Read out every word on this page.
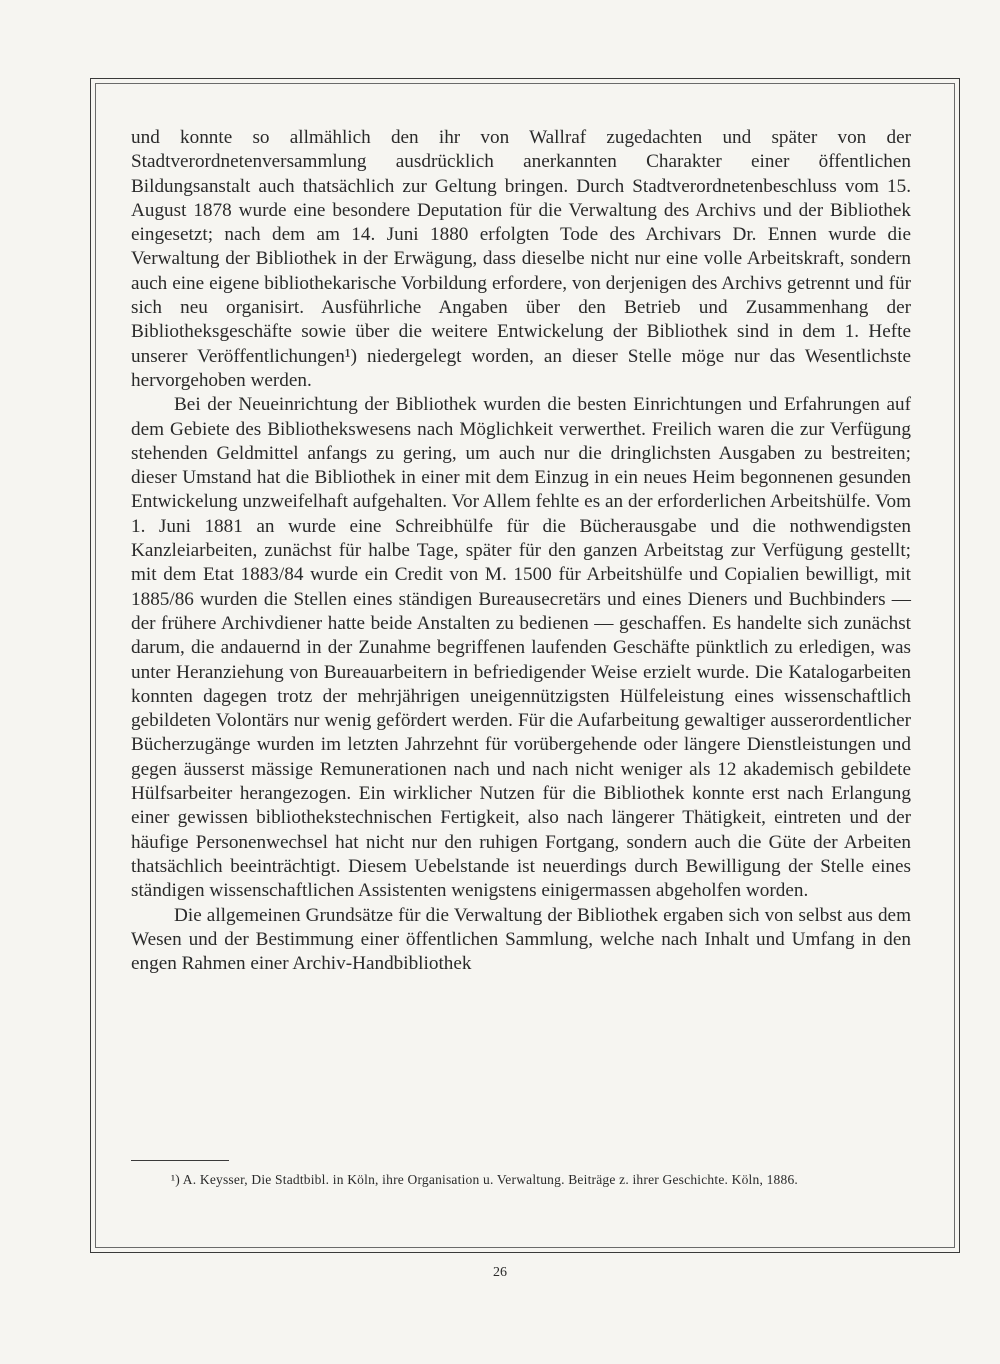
und konnte so allmählich den ihr von Wallraf zugedachten und später von der Stadtverordnetenversammlung ausdrücklich anerkannten Charakter einer öffentlichen Bildungsanstalt auch thatsächlich zur Geltung bringen. Durch Stadtverordnetenbeschluss vom 15. August 1878 wurde eine besondere Deputation für die Verwaltung des Archivs und der Bibliothek eingesetzt; nach dem am 14. Juni 1880 erfolgten Tode des Archivars Dr. Ennen wurde die Verwaltung der Bibliothek in der Erwägung, dass dieselbe nicht nur eine volle Arbeitskraft, sondern auch eine eigene bibliothekarische Vorbildung erfordere, von derjenigen des Archivs getrennt und für sich neu organisirt. Ausführliche Angaben über den Betrieb und Zusammenhang der Bibliotheksgeschäfte sowie über die weitere Entwickelung der Bibliothek sind in dem 1. Hefte unserer Veröffentlichungen¹) niedergelegt worden, an dieser Stelle möge nur das Wesentlichste hervorgehoben werden.

Bei der Neueinrichtung der Bibliothek wurden die besten Einrichtungen und Erfahrungen auf dem Gebiete des Bibliothekswesens nach Möglichkeit verwerthet. Freilich waren die zur Verfügung stehenden Geldmittel anfangs zu gering, um auch nur die dringlichsten Ausgaben zu bestreiten; dieser Umstand hat die Bibliothek in einer mit dem Einzug in ein neues Heim begonnenen gesunden Entwickelung unzweifelhaft aufgehalten. Vor Allem fehlte es an der erforderlichen Arbeitshülfe. Vom 1. Juni 1881 an wurde eine Schreibhülfe für die Bücherausgabe und die nothwendigsten Kanzleiarbeiten, zunächst für halbe Tage, später für den ganzen Arbeitstag zur Verfügung gestellt; mit dem Etat 1883/84 wurde ein Credit von M. 1500 für Arbeitshülfe und Copialien bewilligt, mit 1885/86 wurden die Stellen eines ständigen Bureausecretärs und eines Dieners und Buchbinders — der frühere Archivdiener hatte beide Anstalten zu bedienen — geschaffen. Es handelte sich zunächst darum, die andauernd in der Zunahme begriffenen laufenden Geschäfte pünktlich zu erledigen, was unter Heranziehung von Bureauarbeitern in befriedigender Weise erzielt wurde. Die Katalogarbeiten konnten dagegen trotz der mehrjährigen uneigennützigsten Hülfeleistung eines wissenschaftlich gebildeten Volontärs nur wenig gefördert werden. Für die Aufarbeitung gewaltiger ausserordentlicher Bücherzugänge wurden im letzten Jahrzehnt für vorübergehende oder längere Dienstleistungen und gegen äusserst mässige Remunerationen nach und nach nicht weniger als 12 akademisch gebildete Hülfsarbeiter herangezogen. Ein wirklicher Nutzen für die Bibliothek konnte erst nach Erlangung einer gewissen bibliothekstechnischen Fertigkeit, also nach längerer Thätigkeit, eintreten und der häufige Personenwechsel hat nicht nur den ruhigen Fortgang, sondern auch die Güte der Arbeiten thatsächlich beeinträchtigt. Diesem Uebelstande ist neuerdings durch Bewilligung der Stelle eines ständigen wissenschaftlichen Assistenten wenigstens einigermassen abgeholfen worden.

Die allgemeinen Grundsätze für die Verwaltung der Bibliothek ergaben sich von selbst aus dem Wesen und der Bestimmung einer öffentlichen Sammlung, welche nach Inhalt und Umfang in den engen Rahmen einer Archiv-Handbibliothek

¹) A. Keysser, Die Stadtbibl. in Köln, ihre Organisation u. Verwaltung. Beiträge z. ihrer Geschichte. Köln, 1886.
26
